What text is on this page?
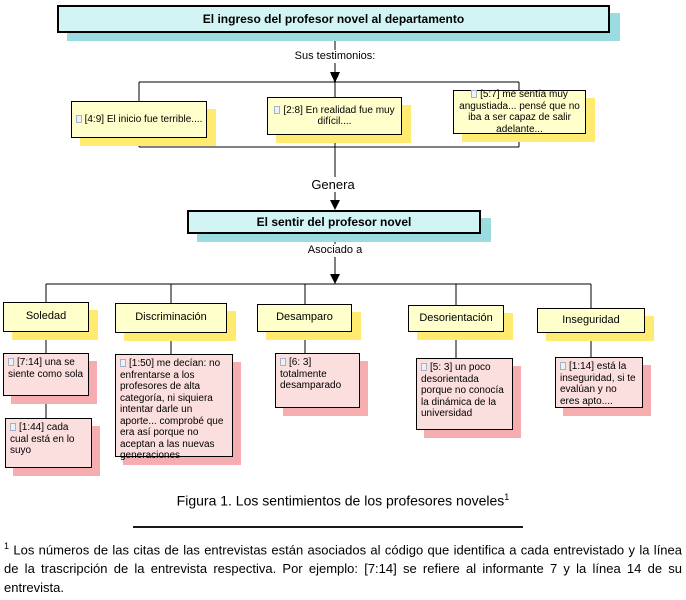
El ingreso del profesor novel al departamento
Sus testimonios:
Genera
Asociado a
[4:9] El inicio fue terrible....
[2:8] En realidad fue muy difícil....
[5:7] me sentía muy angustiada... pensé que no iba a ser capaz de salir adelante...
El sentir del profesor novel
Soledad	Discriminación	Desamparo	Desorientación	Inseguridad
[7:14] una se siente como sola
[1:44] cada cual está en lo suyo
[1:50] me decían: no enfrentarse a los profesores de alta categoría, ni siquiera intentar darle un aporte... comprobé que era así porque no aceptan a las nuevas generaciones
[6: 3] totalmente desamparado
[5: 3] un poco desorientada porque no conocía la dinámica de la universidad
[1:14] está la inseguridad, si te evalúan y no eres apto....
Figura 1. Los sentimientos de los profesores noveles$^1$
$^1$ Los números de las citas de las entrevistas están asociados al código que identifica a cada entrevistado y la línea de la trascripción de la entrevista respectiva. Por ejemplo: [7:14] se refiere al informante 7 y la línea 14 de su entrevista.
